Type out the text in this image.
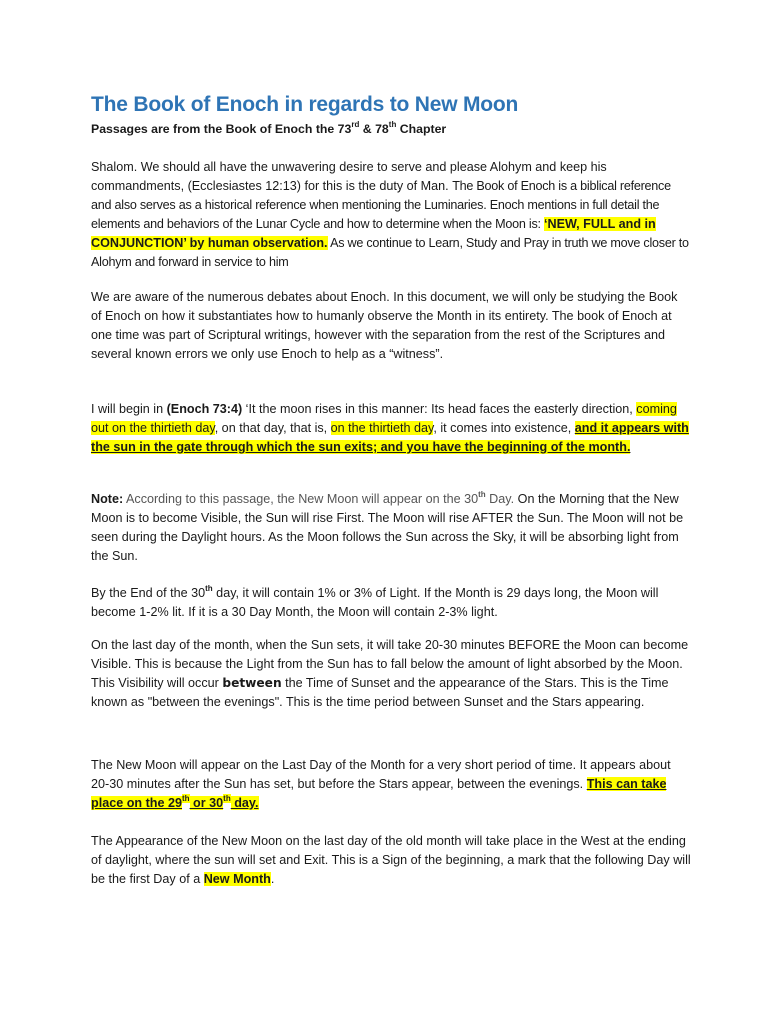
The Book of Enoch in regards to New Moon
Passages are from the Book of Enoch the 73rd & 78th Chapter

Shalom. We should all have the unwavering desire to serve and please Alohym and keep his commandments, (Ecclesiastes 12:13) for this is the duty of Man. The Book of Enoch is a biblical reference and also serves as a historical reference when mentioning the Luminaries. Enoch mentions in full detail the elements and behaviors of the Lunar Cycle and how to determine when the Moon is: ‘NEW, FULL and in CONJUNCTION’ by human observation. As we continue to Learn, Study and Pray in truth we move closer to Alohym and forward in service to him

We are aware of the numerous debates about Enoch. In this document, we will only be studying the Book of Enoch on how it substantiates how to humanly observe the Month in its entirety. The book of Enoch at one time was part of Scriptural writings, however with the separation from the rest of the Scriptures and several known errors we only use Enoch to help as a “witness”.

I will begin in (Enoch 73:4) ‘It the moon rises in this manner: Its head faces the easterly direction, coming out on the thirtieth day, on that day, that is, on the thirtieth day, it comes into existence, and it appears with the sun in the gate through which the sun exits; and you have the beginning of the month.

Note: According to this passage, the New Moon will appear on the 30th Day. On the Morning that the New Moon is to become Visible, the Sun will rise First. The Moon will rise AFTER the Sun. The Moon will not be seen during the Daylight hours. As the Moon follows the Sun across the Sky, it will be absorbing light from the Sun.

By the End of the 30th day, it will contain 1% or 3% of Light. If the Month is 29 days long, the Moon will become 1-2% lit. If it is a 30 Day Month, the Moon will contain 2-3% light.

On the last day of the month, when the Sun sets, it will take 20-30 minutes BEFORE the Moon can become Visible. This is because the Light from the Sun has to fall below the amount of light absorbed by the Moon. This Visibility will occur between the Time of Sunset and the appearance of the Stars. This is the Time known as "between the evenings". This is the time period between Sunset and the Stars appearing.

The New Moon will appear on the Last Day of the Month for a very short period of time. It appears about 20-30 minutes after the Sun has set, but before the Stars appear, between the evenings. This can take place on the 29th or 30th day.

The Appearance of the New Moon on the last day of the old month will take place in the West at the ending of daylight, where the sun will set and Exit. This is a Sign of the beginning, a mark that the following Day will be the first Day of a New Month.
